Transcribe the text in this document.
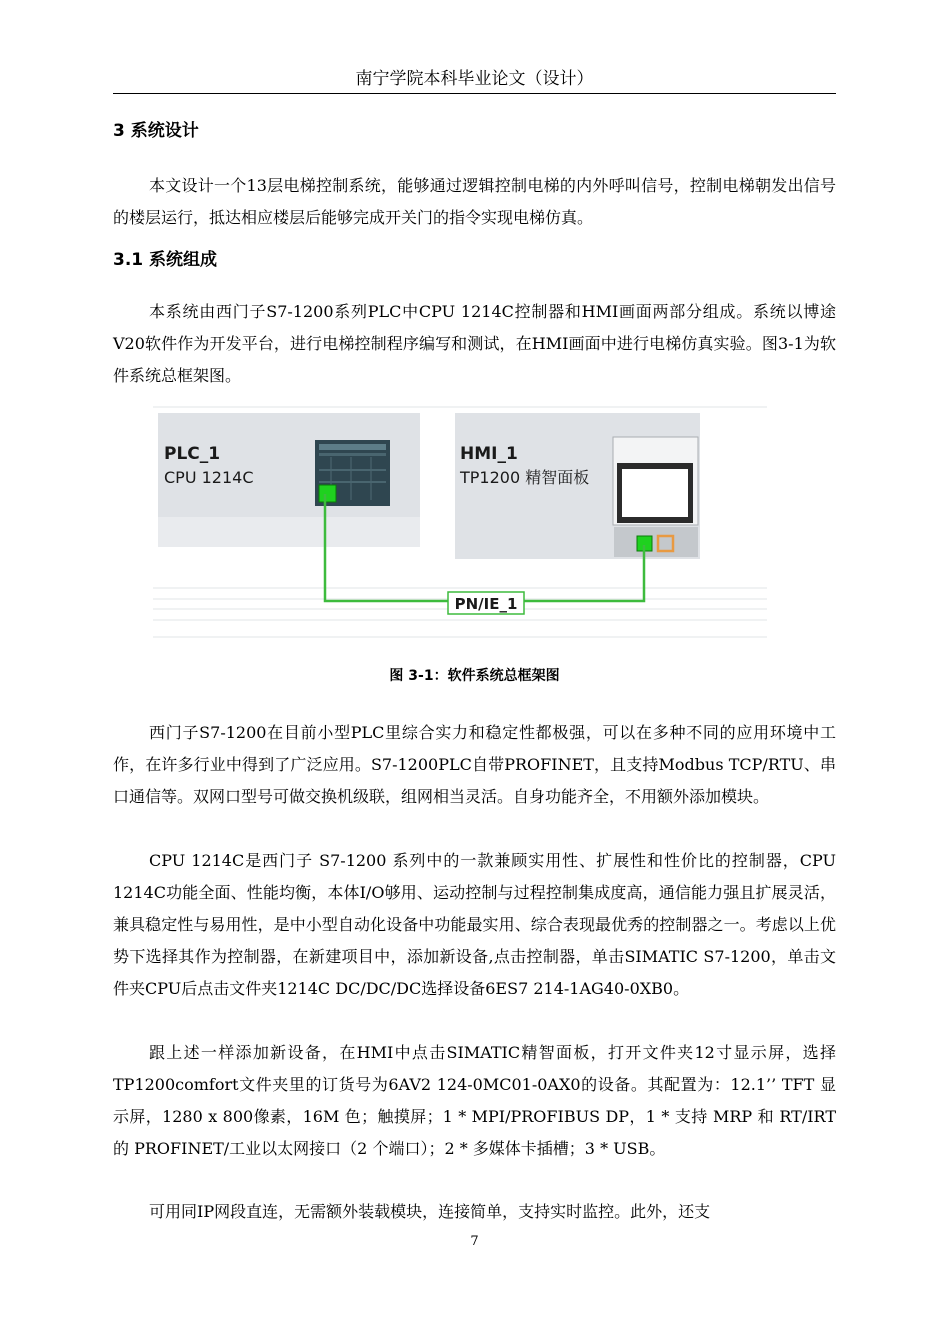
南宁学院本科毕业论文（设计）
3 系统设计

本文设计一个13层电梯控制系统，能够通过逻辑控制电梯的内外呼叫信号，控制电梯朝发出信号的楼层运行，抵达相应楼层后能够完成开关门的指令实现电梯仿真。

3.1 系统组成

本系统由西门子S7-1200系列PLC中CPU 1214C控制器和HMI画面两部分组成。系统以博途V20软件作为开发平台，进行电梯控制程序编写和测试，在HMI画面中进行电梯仿真实验。图3-1为软件系统总框架图。

PLC_1
CPU 1214C
HMI_1
TP1200 精智面板
PN/IE_1
图 3-1：软件系统总框架图

西门子S7-1200在目前小型PLC里综合实力和稳定性都极强，可以在多种不同的应用环境中工作，在许多行业中得到了广泛应用。S7-1200PLC自带PROFINET，且支持Modbus TCP/RTU、串口通信等。双网口型号可做交换机级联，组网相当灵活。自身功能齐全，不用额外添加模块。

CPU 1214C是西门子 S7-1200 系列中的一款兼顾实用性、扩展性和性价比的控制器，CPU 1214C功能全面、性能均衡，本体I/O够用、运动控制与过程控制集成度高，通信能力强且扩展灵活，兼具稳定性与易用性，是中小型自动化设备中功能最实用、综合表现最优秀的控制器之一。考虑以上优势下选择其作为控制器，在新建项目中，添加新设备,点击控制器，单击SIMATIC S7-1200，单击文件夹CPU后点击文件夹1214C DC/DC/DC选择设备6ES7 214-1AG40-0XB0。

跟上述一样添加新设备，在HMI中点击SIMATIC精智面板，打开文件夹12寸显示屏，选择TP1200comfort文件夹里的订货号为6AV2 124-0MC01-0AX0的设备。其配置为：12.1’’ TFT 显示屏，1280 x 800像素，16M 色；触摸屏；1 * MPI/PROFIBUS DP，1 * 支持 MRP 和 RT/IRT 的 PROFINET/工业以太网接口（2 个端口）；2 * 多媒体卡插槽；3 * USB。

可用同IP网段直连，无需额外装载模块，连接简单，支持实时监控。此外，还支

7
